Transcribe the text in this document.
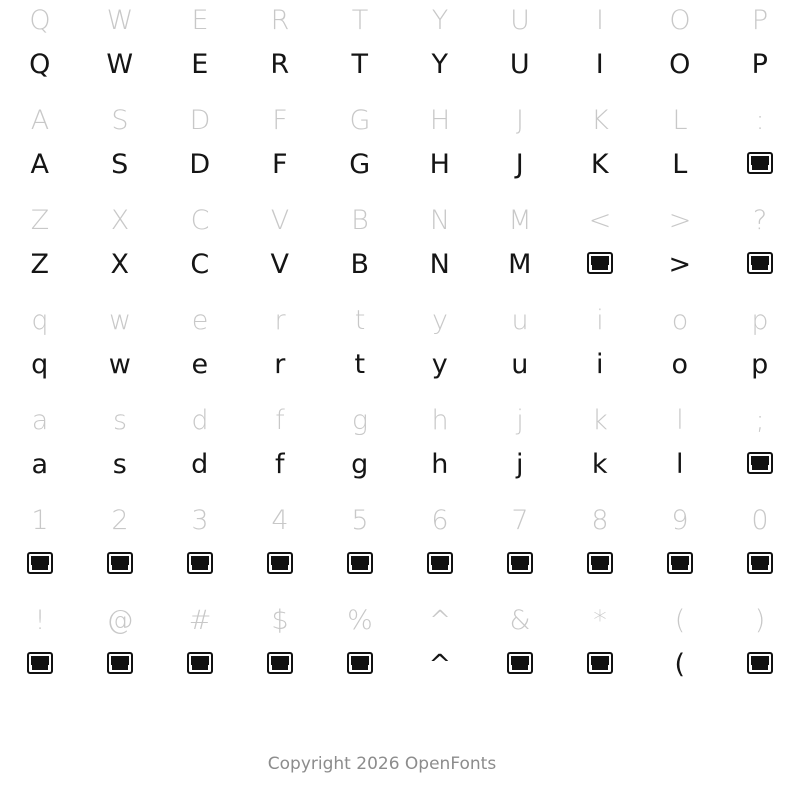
Q
Q
W
W
E
E
R
R
T
T
Y
Y
U
U
I
I
O
O
P
P
A
A
S
S
D
D
F
F
G
G
H
H
J
J
K
K
L
L
:
Z
Z
X
X
C
C
V
V
B
B
N
N
M
M
< >
>
?
q
q
w
w
e
e
r
r
t
t
y
y
u
u
i
i
o
o
p
p
a
a
s
s
d
d
f
f
g
g
h
h
j
j
k
k
l
l
;
1 2 3 4 5 6 7 8 9 0
! @ # $ % ^
^
& *	(
(
)
Copyright 2026 OpenFonts
